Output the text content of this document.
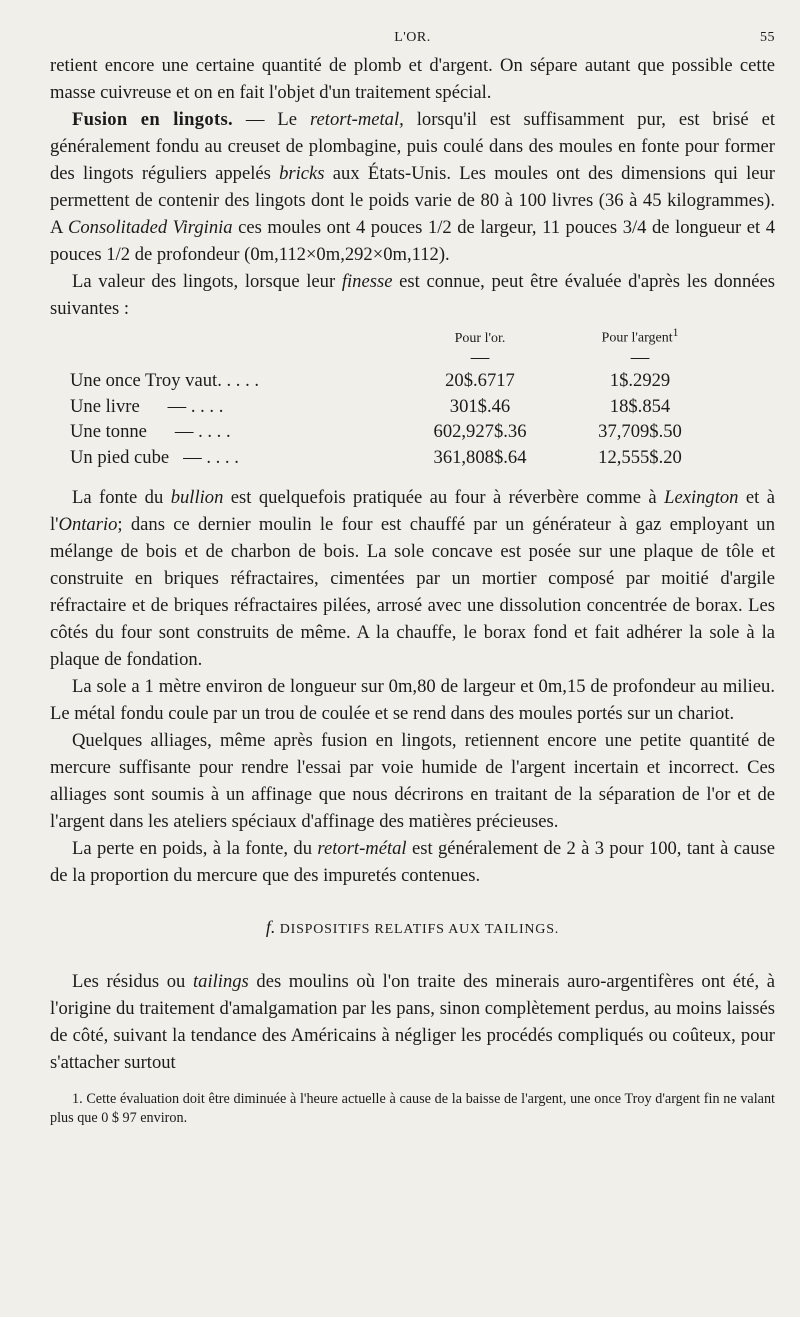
L'OR.	55

retient encore une certaine quantité de plomb et d'argent. On sépare autant que possible cette masse cuivreuse et on en fait l'objet d'un traitement spécial.

Fusion en lingots. — Le retort-metal, lorsqu'il est suffisamment pur, est brisé et généralement fondu au creuset de plombagine, puis coulé dans des moules en fonte pour former des lingots réguliers appelés bricks aux États-Unis. Les moules ont des dimensions qui leur permettent de contenir des lingots dont le poids varie de 80 à 100 livres (36 à 45 kilogrammes). A Consolitaded Virginia ces moules ont 4 pouces 1/2 de largeur, 11 pouces 3/4 de longueur et 4 pouces 1/2 de profondeur (0m,112×0m,292×0m,112).

La valeur des lingots, lorsque leur finesse est connue, peut être évaluée d'après les données suivantes :

	Pour l'or.	Pour l'argent$^1$
	—	—
Une once Troy vaut. . . . .	20$.6717	1$.2929
Une livre      — . . . .	301$.46	18$.854
Une tonne      — . . . .	602,927$.36	37,709$.50
Un pied cube   — . . . .	361,808$.64	12,555$.20

La fonte du bullion est quelquefois pratiquée au four à réverbère comme à Lexington et à l'Ontario; dans ce dernier moulin le four est chauffé par un générateur à gaz employant un mélange de bois et de charbon de bois. La sole concave est posée sur une plaque de tôle et construite en briques réfractaires, cimentées par un mortier composé par moitié d'argile réfractaire et de briques réfractaires pilées, arrosé avec une dissolution concentrée de borax. Les côtés du four sont construits de même. A la chauffe, le borax fond et fait adhérer la sole à la plaque de fondation.

La sole a 1 mètre environ de longueur sur 0m,80 de largeur et 0m,15 de profondeur au milieu. Le métal fondu coule par un trou de coulée et se rend dans des moules portés sur un chariot.

Quelques alliages, même après fusion en lingots, retiennent encore une petite quantité de mercure suffisante pour rendre l'essai par voie humide de l'argent incertain et incorrect. Ces alliages sont soumis à un affinage que nous décrirons en traitant de la séparation de l'or et de l'argent dans les ateliers spéciaux d'affinage des matières précieuses.

La perte en poids, à la fonte, du retort-métal est généralement de 2 à 3 pour 100, tant à cause de la proportion du mercure que des impuretés contenues.

f. DISPOSITIFS RELATIFS AUX TAILINGS.

Les résidus ou tailings des moulins où l'on traite des minerais auro-argentifères ont été, à l'origine du traitement d'amalgamation par les pans, sinon complètement perdus, au moins laissés de côté, suivant la tendance des Américains à négliger les procédés compliqués ou coûteux, pour s'attacher surtout

1. Cette évaluation doit être diminuée à l'heure actuelle à cause de la baisse de l'argent, une once Troy d'argent fin ne valant plus que 0 $ 97 environ.
